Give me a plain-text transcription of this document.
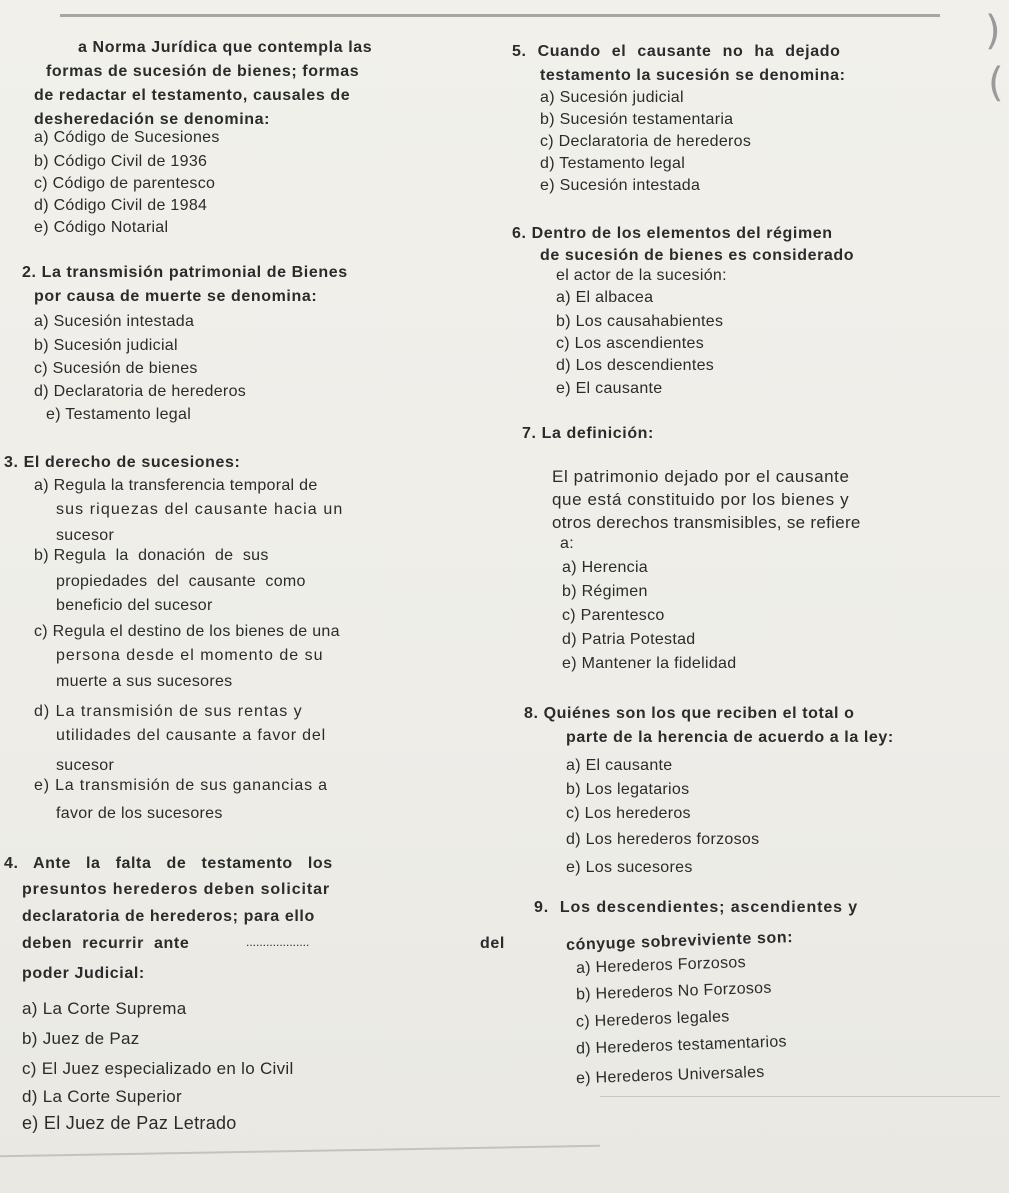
)
(
a Norma Jurídica que contempla las
formas de sucesión de bienes; formas
de redactar el testamento, causales de
desheredación se denomina:
a) Código de Sucesiones
b) Código Civil de 1936
c) Código de parentesco
d) Código Civil de 1984
e) Código Notarial
2. La transmisión patrimonial de Bienes
por causa de muerte se denomina:
a) Sucesión intestada
b) Sucesión judicial
c) Sucesión de bienes
d) Declaratoria de herederos
e) Testamento legal
3. El derecho de sucesiones:
a) Regula la transferencia temporal de
sus riquezas del causante hacia un
sucesor
b) Regula  la  donación  de  sus
propiedades  del  causante  como
beneficio del sucesor
c) Regula el destino de los bienes de una
persona desde el momento de su
muerte a sus sucesores
d) La transmisión de sus rentas y
utilidades del causante a favor del
sucesor
e) La transmisión de sus ganancias a
favor de los sucesores
4. Ante la falta de testamento los
presuntos herederos deben solicitar
declaratoria de herederos; para ello
deben  recurrir  ante	...................	del
poder Judicial:
a) La Corte Suprema
b) Juez de Paz
c) El Juez especializado en lo Civil
d) La Corte Superior
e) El Juez de Paz Letrado
5. Cuando el causante no ha dejado
testamento la sucesión se denomina:
a) Sucesión judicial
b) Sucesión testamentaria
c) Declaratoria de herederos
d) Testamento legal
e) Sucesión intestada
6. Dentro de los elementos del régimen
de sucesión de bienes es considerado
el actor de la sucesión:
a) El albacea
b) Los causahabientes
c) Los ascendientes
d) Los descendientes
e) El causante
7. La definición:
El patrimonio dejado por el causante
que está constituido por los bienes y
otros derechos transmisibles, se refiere
a:
a) Herencia
b) Régimen
c) Parentesco
d) Patria Potestad
e) Mantener la fidelidad
8. Quiénes son los que reciben el total o
parte de la herencia de acuerdo a la ley:
a) El causante
b) Los legatarios
c) Los herederos
d) Los herederos forzosos
e) Los sucesores
9.  Los descendientes; ascendientes y
cónyuge sobreviviente son:
a) Herederos Forzosos
b) Herederos No Forzosos
c) Herederos legales
d) Herederos testamentarios
e) Herederos Universales
